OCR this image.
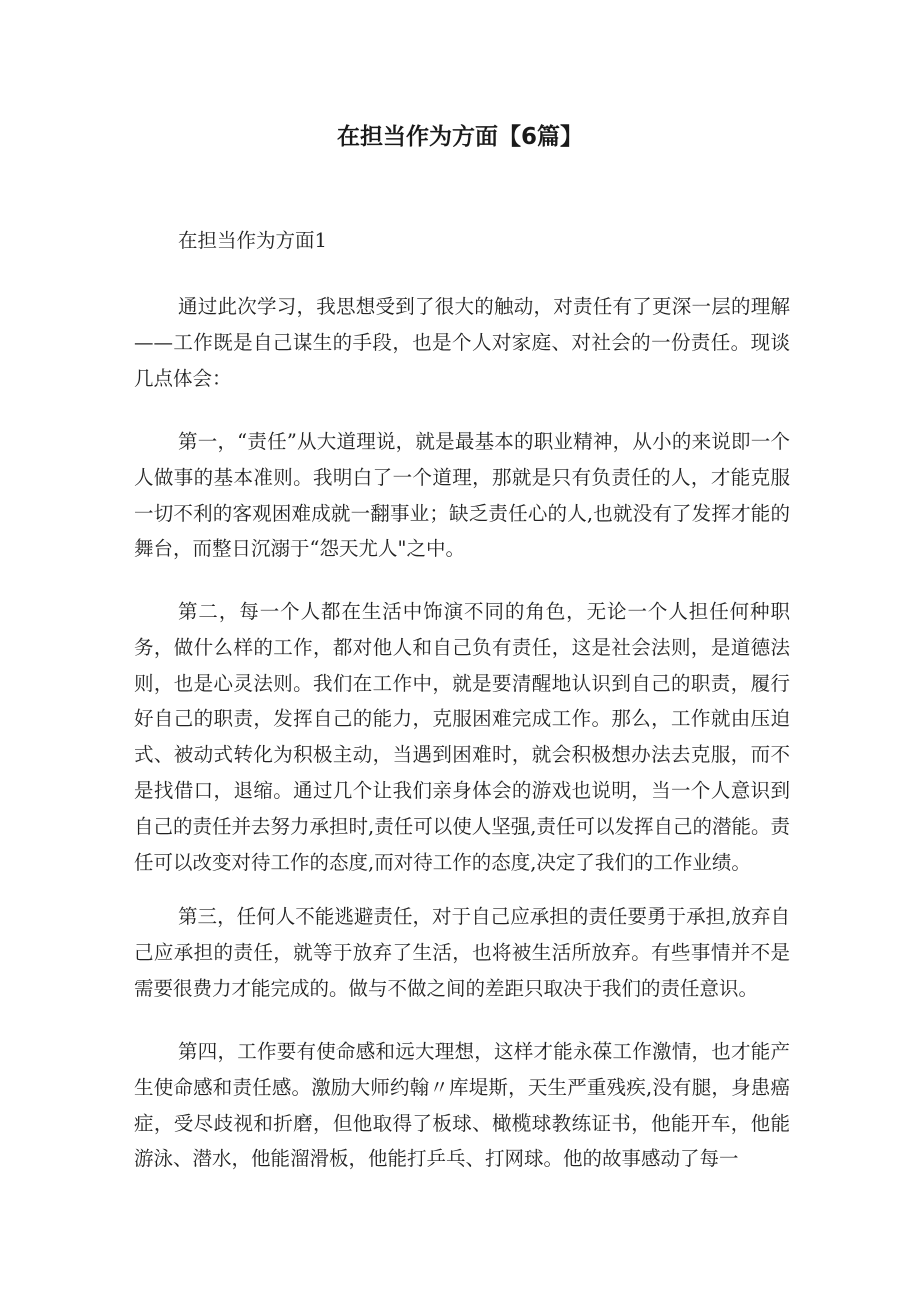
在担当作为方面【6篇】

在担当作为方面1

通过此次学习，我思想受到了很大的触动，对责任有了更深一层的理解——工作既是自己谋生的手段，也是个人对家庭、对社会的一份责任。现谈几点体会：

第一，“责任”从大道理说，就是最基本的职业精神，从小的来说即一个人做事的基本准则。我明白了一个道理，那就是只有负责任的人，才能克服一切不利的客观困难成就一翻事业；缺乏责任心的人,也就没有了发挥才能的舞台，而整日沉溺于“怨天尤人"之中。

第二，每一个人都在生活中饰演不同的角色，无论一个人担任何种职务，做什么样的工作，都对他人和自己负有责任，这是社会法则，是道德法则，也是心灵法则。我们在工作中，就是要清醒地认识到自己的职责，履行好自己的职责，发挥自己的能力，克服困难完成工作。那么，工作就由压迫式、被动式转化为积极主动，当遇到困难时，就会积极想办法去克服，而不是找借口，退缩。通过几个让我们亲身体会的游戏也说明，当一个人意识到自己的责任并去努力承担时,责任可以使人坚强,责任可以发挥自己的潜能。责任可以改变对待工作的态度,而对待工作的态度,决定了我们的工作业绩。

第三，任何人不能逃避责任，对于自己应承担的责任要勇于承担,放弃自己应承担的责任，就等于放弃了生活，也将被生活所放弃。有些事情并不是需要很费力才能完成的。做与不做之间的差距只取决于我们的责任意识。

第四，工作要有使命感和远大理想，这样才能永葆工作激情，也才能产生使命感和责任感。激励大师约翰〃库堤斯，天生严重残疾,没有腿，身患癌症，受尽歧视和折磨，但他取得了板球、橄榄球教练证书，他能开车，他能游泳、潜水，他能溜滑板，他能打乒乓、打网球。他的故事感动了每一
